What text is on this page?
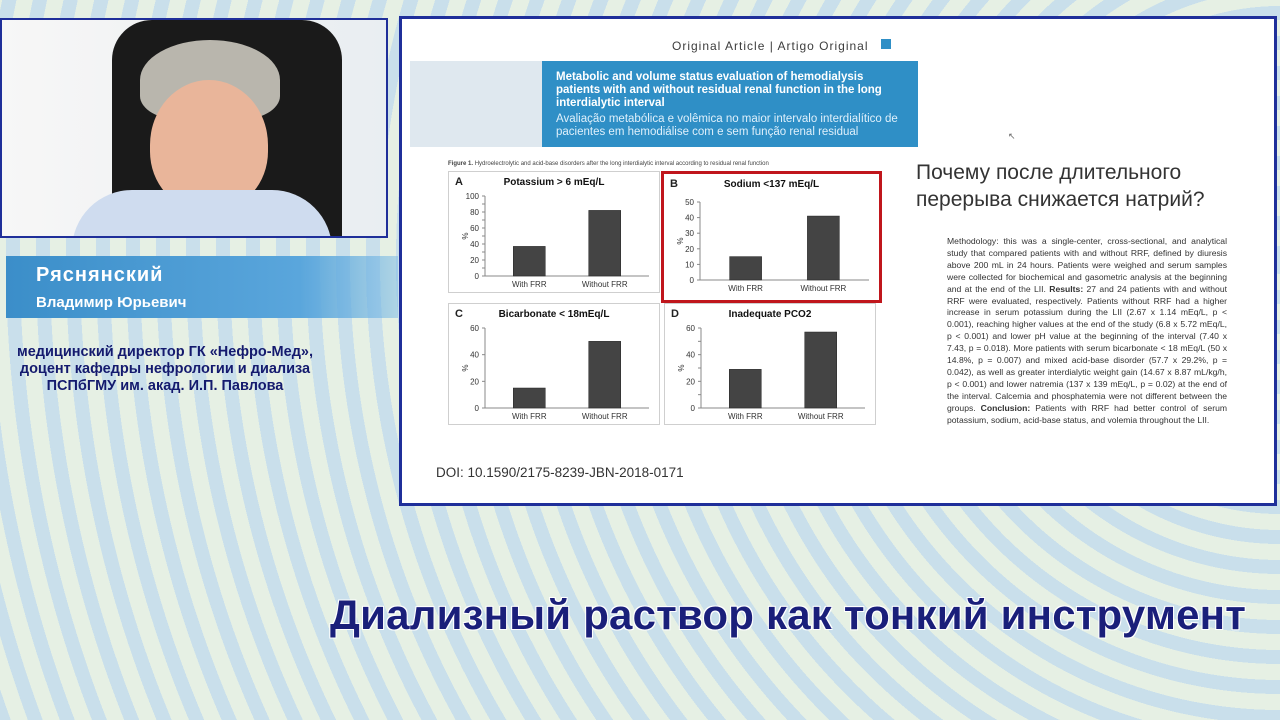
Ряснянский
Владимир Юрьевич
медицинский директор ГК «Нефро-Мед»,
доцент кафедры нефрологии и диализа
ПСПбГМУ им. акад. И.П. Павлова
Original Article | Artigo Original
Metabolic and volume status evaluation of hemodialysis patients with and without residual renal function in the long interdialytic interval
Avaliação metabólica e volêmica no maior intervalo interdialítico de pacientes em hemodiálise com e sem função renal residual
Figure 1. Hydroelectrolytic and acid-base disorders after the long interdialytic interval according to residual renal function
0
20
40
60
80
100
%
With FRR	Without FRR
A	Potassium > 6 mEq/L
0
10
20
30
40
50
%
With FRR	Without FRR
B	Sodium <137 mEq/L
0
20
40
60
%
With FRR	Without FRR
C	Bicarbonate < 18mEq/L
0
20
40
60
%
With FRR	Without FRR
D	Inadequate PCO2
DOI: 10.1590/2175-8239-JBN-2018-0171
↖
Почему после длительного перерыва снижается натрий?
Methodology: this was a single-center, cross-sectional, and analytical study that compared patients with and without RRF, defined by diuresis above 200 mL in 24 hours. Patients were weighed and serum samples were collected for biochemical and gasometric analysis at the beginning and at the end of the LII. Results: 27 and 24 patients with and without RRF were evaluated, respectively. Patients without RRF had a higher increase in serum potassium during the LII (2.67 x 1.14 mEq/L, p < 0.001), reaching higher values at the end of the study (6.8 x 5.72 mEq/L, p < 0.001) and lower pH value at the beginning of the interval (7.40 x 7.43, p = 0.018). More patients with serum bicarbonate < 18 mEq/L (50 x 14.8%, p = 0.007) and mixed acid-base disorder (57.7 x 29.2%, p = 0.042), as well as greater interdialytic weight gain (14.67 x 8.87 mL/kg/h, p < 0.001) and lower natremia (137 x 139 mEq/L, p = 0.02) at the end of the interval. Calcemia and phosphatemia were not different between the groups. Conclusion: Patients with RRF had better control of serum potassium, sodium, acid-base status, and volemia throughout the LII.
Диализный раствор как тонкий инструмент
